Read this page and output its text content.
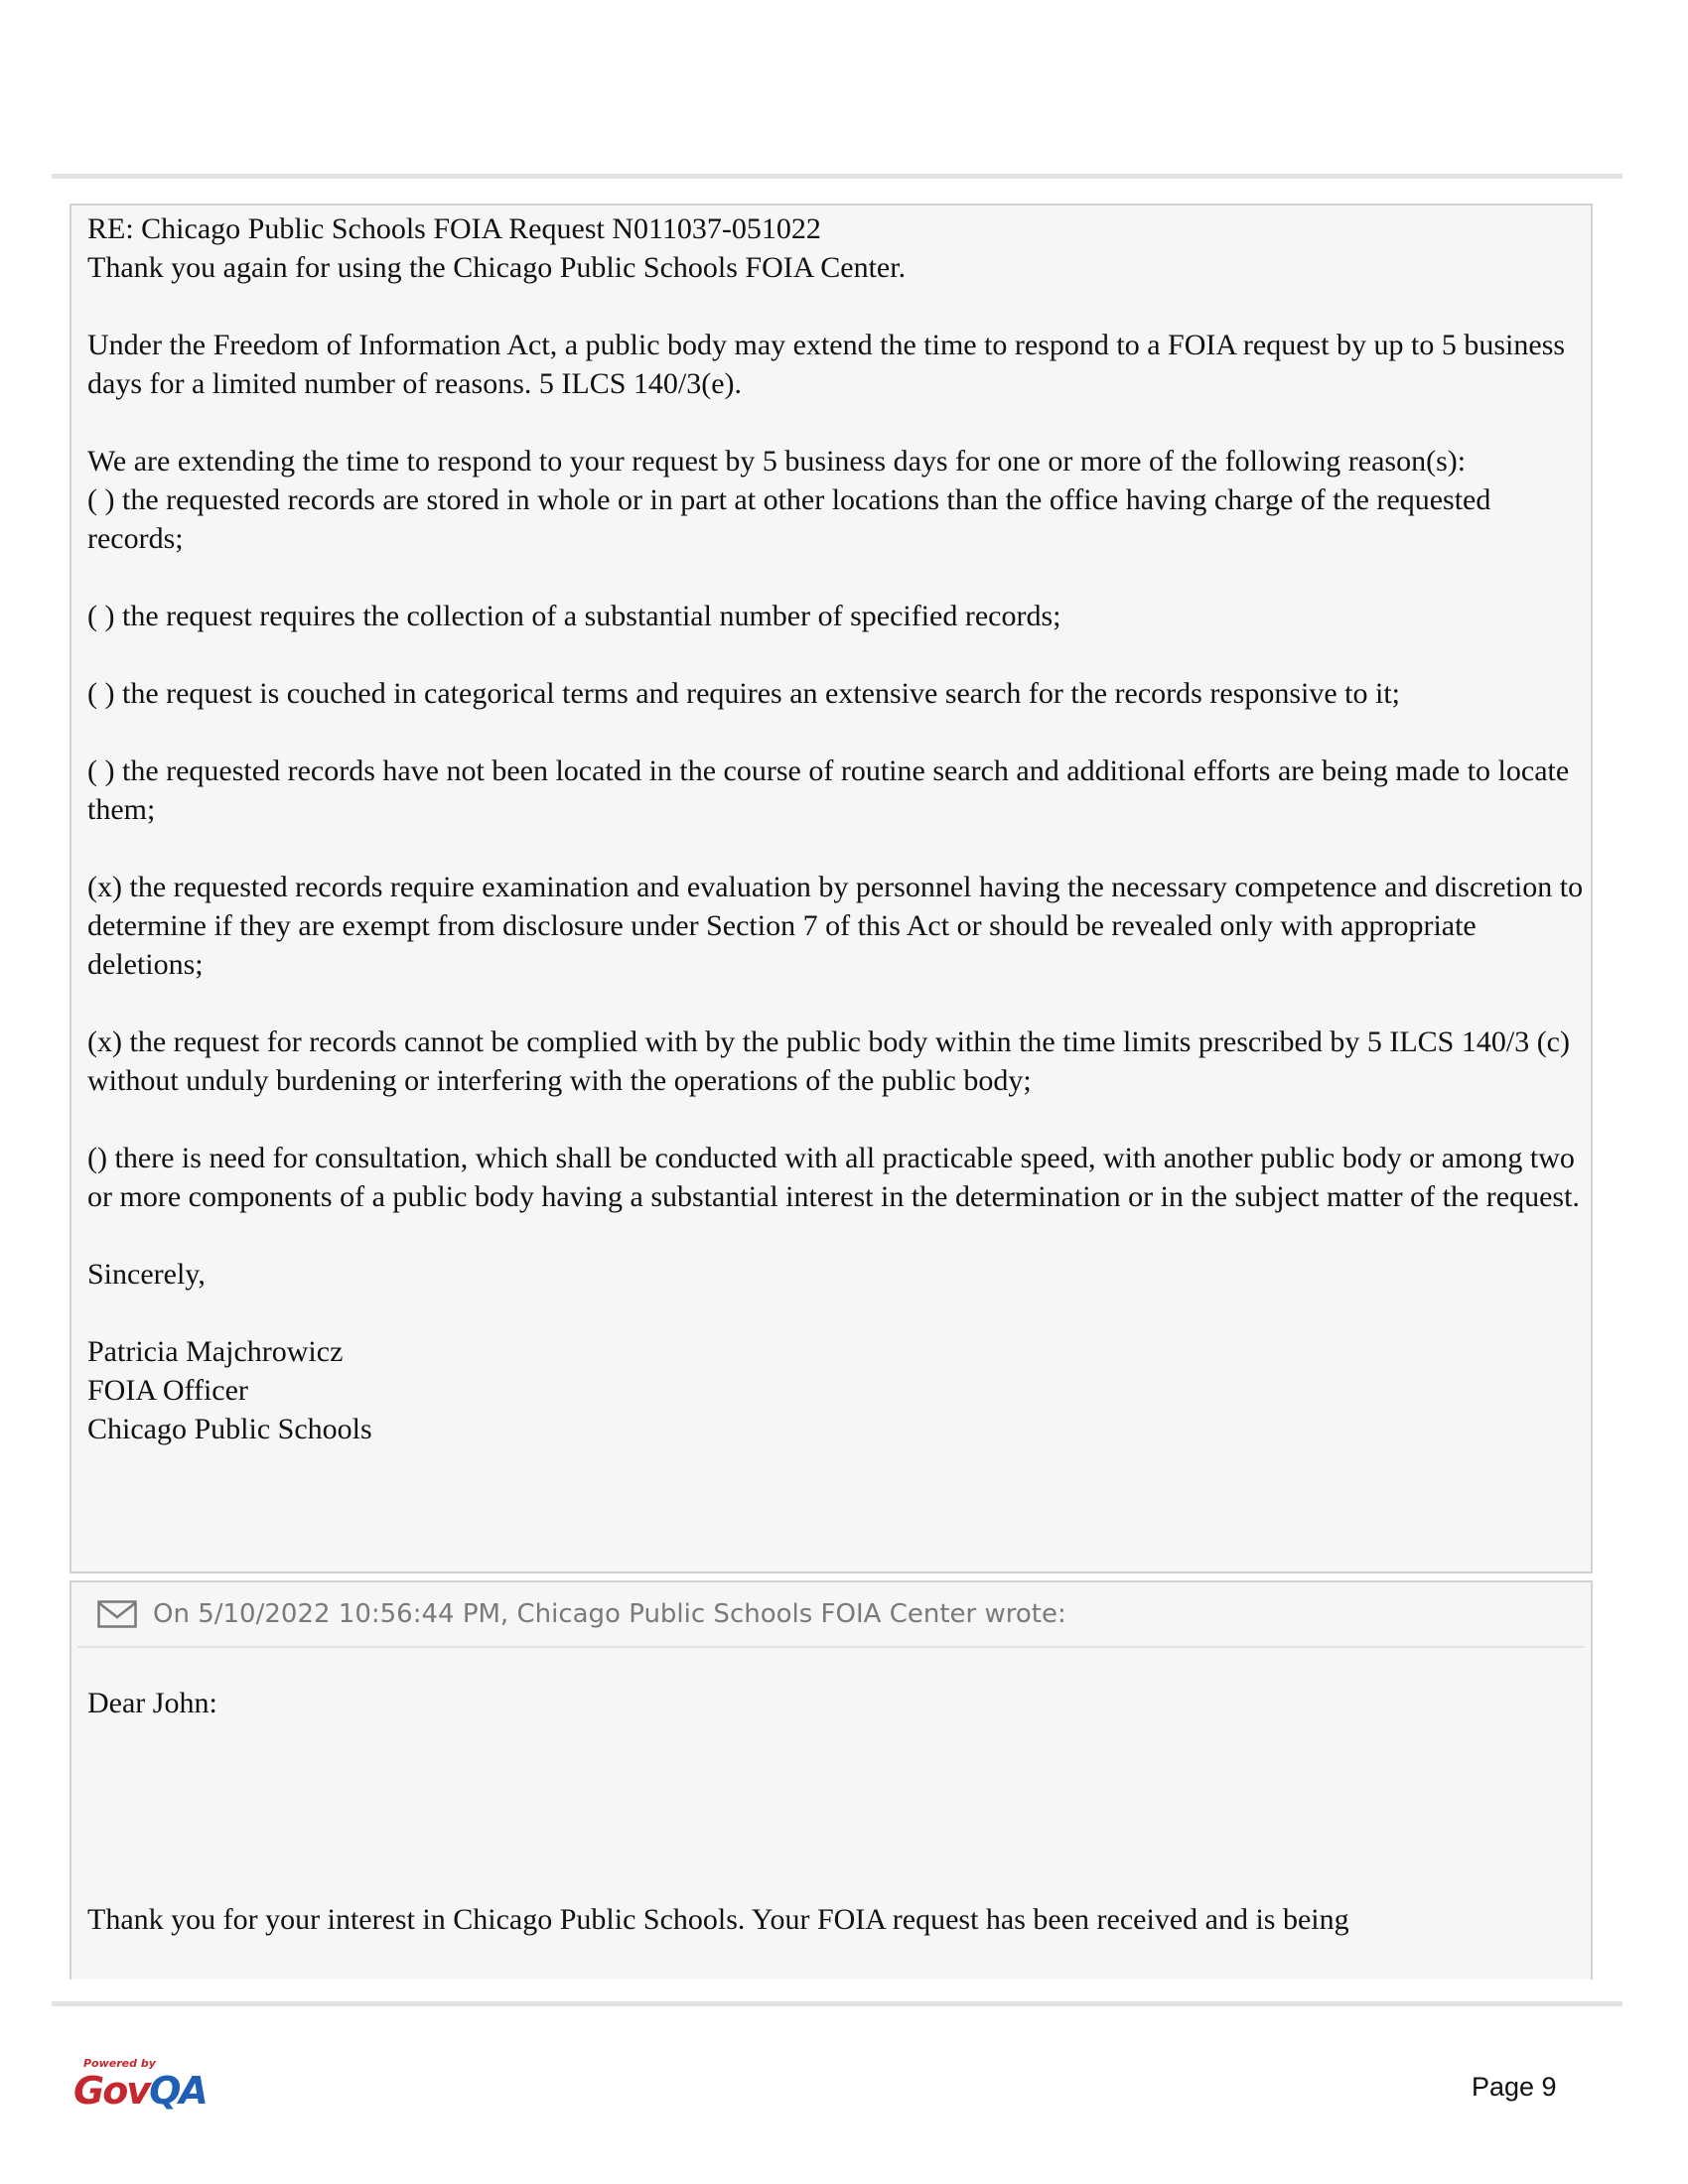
RE: Chicago Public Schools FOIA Request N011037-051022
Thank you again for using the Chicago Public Schools FOIA Center.

Under the Freedom of Information Act, a public body may extend the time to respond to a FOIA request by up to 5 business days for a limited number of reasons. 5 ILCS 140/3(e).

We are extending the time to respond to your request by 5 business days for one or more of the following reason(s):
( ) the requested records are stored in whole or in part at other locations than the office having charge of the requested records;

( ) the request requires the collection of a substantial number of specified records;

( ) the request is couched in categorical terms and requires an extensive search for the records responsive to it;

( ) the requested records have not been located in the course of routine search and additional efforts are being made to locate them;

(x) the requested records require examination and evaluation by personnel having the necessary competence and discretion to determine if they are exempt from disclosure under Section 7 of this Act or should be revealed only with appropriate deletions;

(x) the request for records cannot be complied with by the public body within the time limits prescribed by 5 ILCS 140/3 (c) without unduly burdening or interfering with the operations of the public body;

() there is need for consultation, which shall be conducted with all practicable speed, with another public body or among two or more components of a public body having a substantial interest in the determination or in the subject matter of the request.

Sincerely,

Patricia Majchrowicz
FOIA Officer
Chicago Public Schools

On 5/10/2022 10:56:44 PM, Chicago Public Schools FOIA Center wrote:

Dear John:

Thank you for your interest in Chicago Public Schools. Your FOIA request has been received and is being

Powered by
GovQA	Page 9
